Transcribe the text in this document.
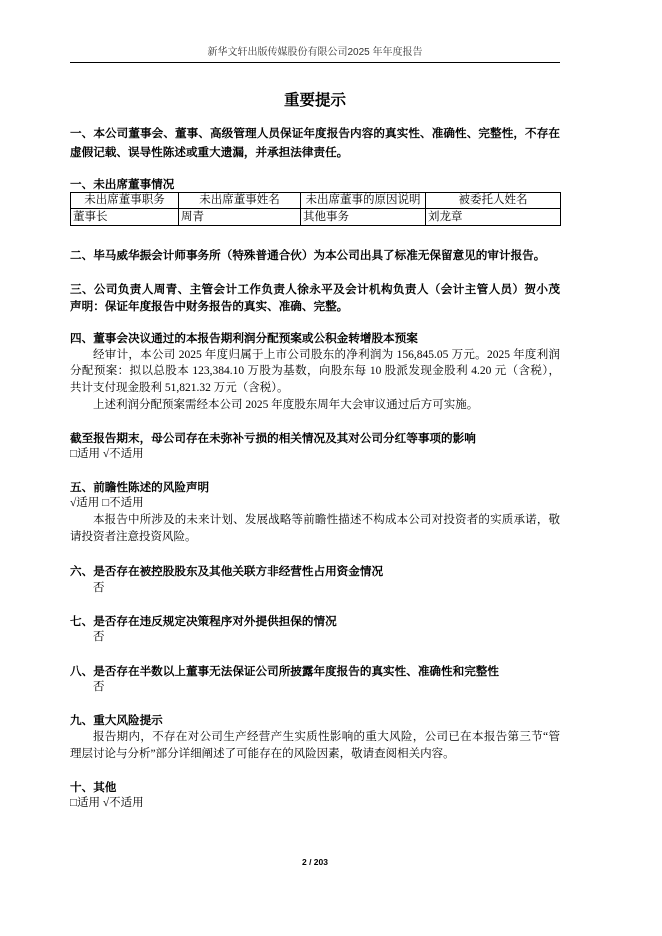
新华文轩出版传媒股份有限公司2025 年年度报告
重要提示
一、本公司董事会、董事、高级管理人员保证年度报告内容的真实性、准确性、完整性，不存在
虚假记载、误导性陈述或重大遗漏，并承担法律责任。
一、未出席董事情况
未出席董事职务	未出席董事姓名	未出席董事的原因说明	被委托人姓名
董事长	周青	其他事务	刘龙章
二、毕马威华振会计师事务所（特殊普通合伙）为本公司出具了标准无保留意见的审计报告。
三、公司负责人周青、主管会计工作负责人徐永平及会计机构负责人（会计主管人员）贺小茂
声明：保证年度报告中财务报告的真实、准确、完整。
四、董事会决议通过的本报告期利润分配预案或公积金转增股本预案
经审计，本公司 2025 年度归属于上市公司股东的净利润为 156,845.05 万元。2025 年度利润
分配预案：拟以总股本 123,384.10 万股为基数，向股东每 10 股派发现金股利 4.20 元（含税），
共计支付现金股利 51,821.32 万元（含税）。
上述利润分配预案需经本公司 2025 年度股东周年大会审议通过后方可实施。
截至报告期末，母公司存在未弥补亏损的相关情况及其对公司分红等事项的影响
□适用 √不适用
五、前瞻性陈述的风险声明
√适用 □不适用
本报告中所涉及的未来计划、发展战略等前瞻性描述不构成本公司对投资者的实质承诺，敬
请投资者注意投资风险。
六、是否存在被控股股东及其他关联方非经营性占用资金情况
否
七、是否存在违反规定决策程序对外提供担保的情况
否
八、是否存在半数以上董事无法保证公司所披露年度报告的真实性、准确性和完整性
否
九、重大风险提示
报告期内，不存在对公司生产经营产生实质性影响的重大风险，公司已在本报告第三节“管
理层讨论与分析”部分详细阐述了可能存在的风险因素，敬请查阅相关内容。
十、其他
□适用 √不适用
2 / 203
